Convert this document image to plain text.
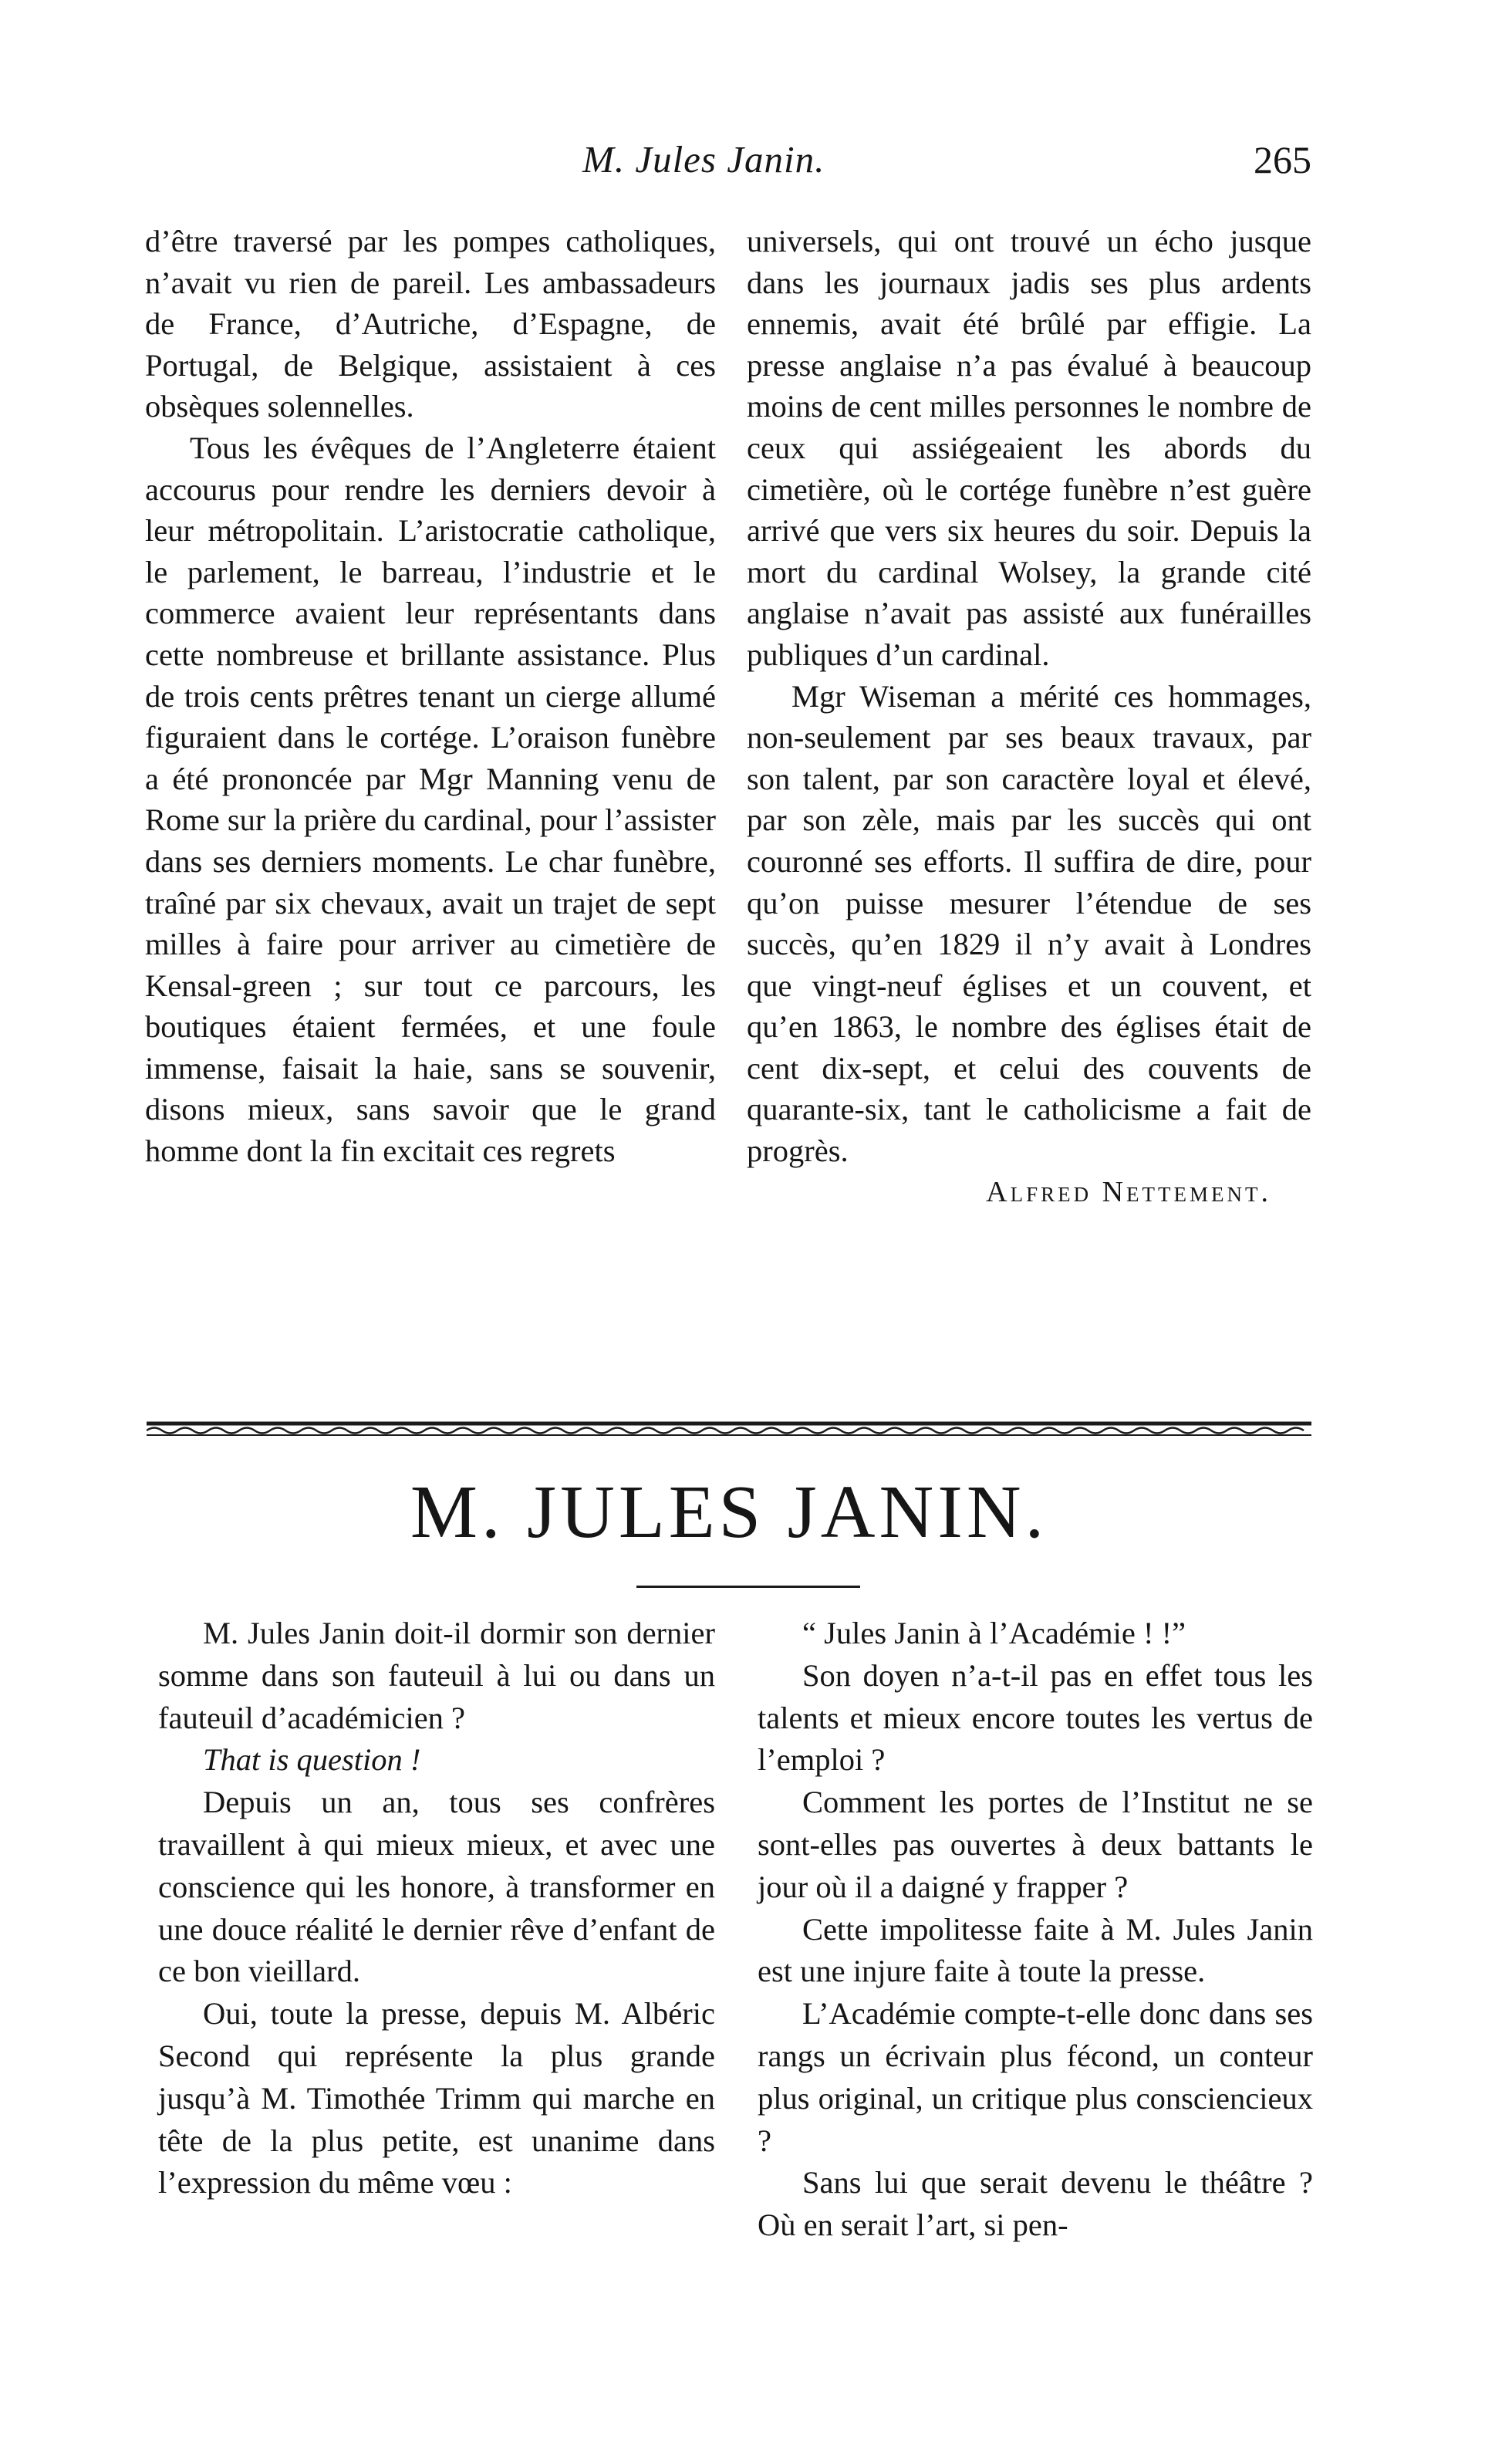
M. Jules Janin.	265

d’être traversé par les pompes catholiques, n’avait vu rien de pareil. Les ambassadeurs de France, d’Autriche, d’Espagne, de Portugal, de Belgique, assistaient à ces obsèques solennelles.

Tous les évêques de l’Angleterre étaient accourus pour rendre les derniers devoir à leur métropolitain. L’aristocratie catholique, le parlement, le barreau, l’industrie et le commerce avaient leur représentants dans cette nombreuse et brillante assistance. Plus de trois cents prêtres tenant un cierge allumé figuraient dans le cortége. L’oraison funèbre a été prononcée par Mgr Manning venu de Rome sur la prière du cardinal, pour l’assister dans ses derniers moments. Le char funèbre, traîné par six chevaux, avait un trajet de sept milles à faire pour arriver au cimetière de Kensal-green ; sur tout ce parcours, les boutiques étaient fermées, et une foule immense, faisait la haie, sans se souvenir, disons mieux, sans savoir que le grand homme dont la fin excitait ces regrets

universels, qui ont trouvé un écho jusque dans les journaux jadis ses plus ardents ennemis, avait été brûlé par effigie. La presse anglaise n’a pas évalué à beaucoup moins de cent milles personnes le nombre de ceux qui assiégeaient les abords du cimetière, où le cortége funèbre n’est guère arrivé que vers six heures du soir. Depuis la mort du cardinal Wolsey, la grande cité anglaise n’avait pas assisté aux funérailles publiques d’un cardinal.

Mgr Wiseman a mérité ces hommages, non-seulement par ses beaux travaux, par son talent, par son caractère loyal et élevé, par son zèle, mais par les succès qui ont couronné ses efforts. Il suffira de dire, pour qu’on puisse mesurer l’étendue de ses succès, qu’en 1829 il n’y avait à Londres que vingt-neuf églises et un couvent, et qu’en 1863, le nombre des églises était de cent dix-sept, et celui des couvents de quarante-six, tant le catholicisme a fait de progrès.

Alfred Nettement.

M. JULES JANIN.

M. Jules Janin doit-il dormir son dernier somme dans son fauteuil à lui ou dans un fauteuil d’académicien ?

That is question !

Depuis un an, tous ses confrères travaillent à qui mieux mieux, et avec une conscience qui les honore, à transformer en une douce réalité le dernier rêve d’enfant de ce bon vieillard.

Oui, toute la presse, depuis M. Albéric Second qui représente la plus grande jusqu’à M. Timothée Trimm qui marche en tête de la plus petite, est unanime dans l’expression du même vœu :

“ Jules Janin à l’Académie ! !”

Son doyen n’a-t-il pas en effet tous les talents et mieux encore toutes les vertus de l’emploi ?

Comment les portes de l’Institut ne se sont-elles pas ouvertes à deux battants le jour où il a daigné y frapper ?

Cette impolitesse faite à M. Jules Janin est une injure faite à toute la presse.

L’Académie compte-t-elle donc dans ses rangs un écrivain plus fécond, un conteur plus original, un critique plus consciencieux ?

Sans lui que serait devenu le théâtre ? Où en serait l’art, si pen-
